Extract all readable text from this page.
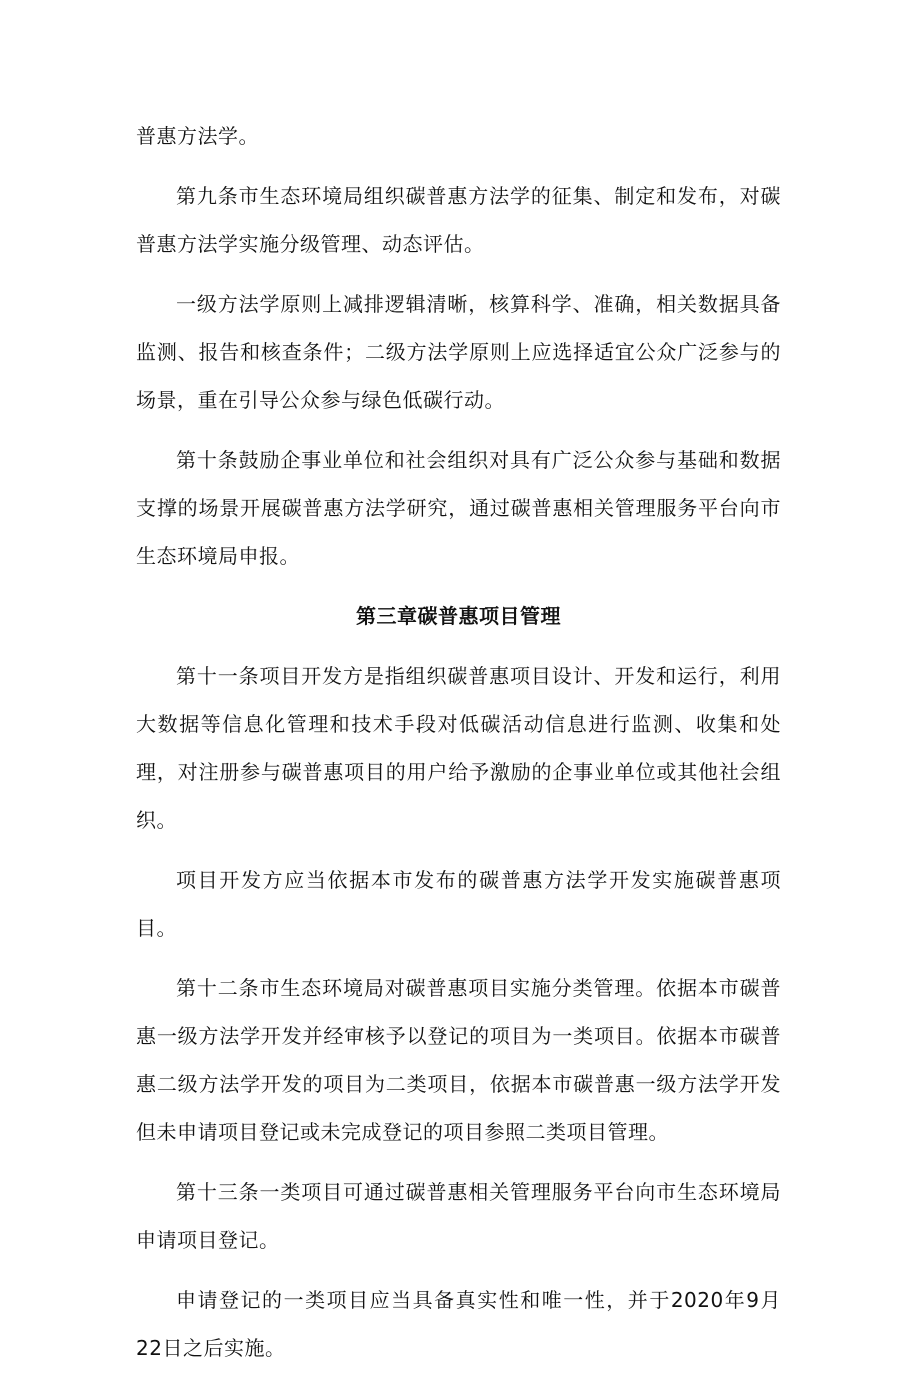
普惠方法学。

第九条市生态环境局组织碳普惠方法学的征集、制定和发布，对碳普惠方法学实施分级管理、动态评估。

一级方法学原则上减排逻辑清晰，核算科学、准确，相关数据具备监测、报告和核查条件；二级方法学原则上应选择适宜公众广泛参与的场景，重在引导公众参与绿色低碳行动。

第十条鼓励企事业单位和社会组织对具有广泛公众参与基础和数据支撑的场景开展碳普惠方法学研究，通过碳普惠相关管理服务平台向市生态环境局申报。

第三章碳普惠项目管理

第十一条项目开发方是指组织碳普惠项目设计、开发和运行，利用大数据等信息化管理和技术手段对低碳活动信息进行监测、收集和处理，对注册参与碳普惠项目的用户给予激励的企事业单位或其他社会组织。

项目开发方应当依据本市发布的碳普惠方法学开发实施碳普惠项目。

第十二条市生态环境局对碳普惠项目实施分类管理。依据本市碳普惠一级方法学开发并经审核予以登记的项目为一类项目。依据本市碳普惠二级方法学开发的项目为二类项目，依据本市碳普惠一级方法学开发但未申请项目登记或未完成登记的项目参照二类项目管理。

第十三条一类项目可通过碳普惠相关管理服务平台向市生态环境局申请项目登记。

申请登记的一类项目应当具备真实性和唯一性，并于2020年9月22日之后实施。
